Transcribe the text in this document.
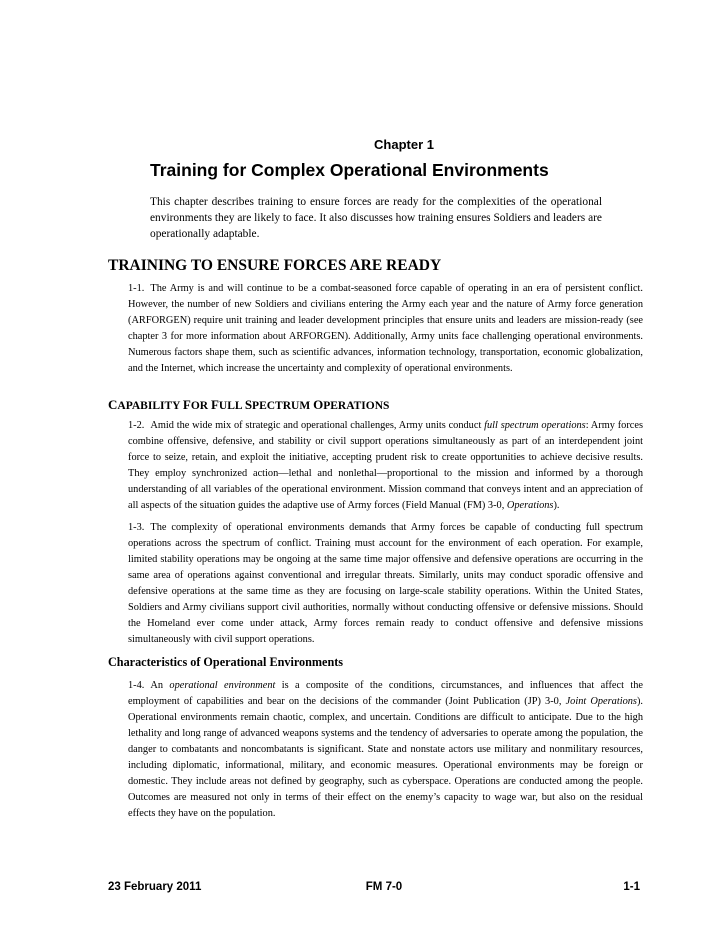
Chapter 1
Training for Complex Operational Environments
This chapter describes training to ensure forces are ready for the complexities of the operational environments they are likely to face. It also discusses how training ensures Soldiers and leaders are operationally adaptable.
TRAINING TO ENSURE FORCES ARE READY
1-1. The Army is and will continue to be a combat-seasoned force capable of operating in an era of persistent conflict. However, the number of new Soldiers and civilians entering the Army each year and the nature of Army force generation (ARFORGEN) require unit training and leader development principles that ensure units and leaders are mission-ready (see chapter 3 for more information about ARFORGEN). Additionally, Army units face challenging operational environments. Numerous factors shape them, such as scientific advances, information technology, transportation, economic globalization, and the Internet, which increase the uncertainty and complexity of operational environments.
CAPABILITY FOR FULL SPECTRUM OPERATIONS
1-2. Amid the wide mix of strategic and operational challenges, Army units conduct full spectrum operations: Army forces combine offensive, defensive, and stability or civil support operations simultaneously as part of an interdependent joint force to seize, retain, and exploit the initiative, accepting prudent risk to create opportunities to achieve decisive results. They employ synchronized action—lethal and nonlethal—proportional to the mission and informed by a thorough understanding of all variables of the operational environment. Mission command that conveys intent and an appreciation of all aspects of the situation guides the adaptive use of Army forces (Field Manual (FM) 3-0, Operations).
1-3. The complexity of operational environments demands that Army forces be capable of conducting full spectrum operations across the spectrum of conflict. Training must account for the environment of each operation. For example, limited stability operations may be ongoing at the same time major offensive and defensive operations are occurring in the same area of operations against conventional and irregular threats. Similarly, units may conduct sporadic offensive and defensive operations at the same time as they are focusing on large-scale stability operations. Within the United States, Soldiers and Army civilians support civil authorities, normally without conducting offensive or defensive missions. Should the Homeland ever come under attack, Army forces remain ready to conduct offensive and defensive missions simultaneously with civil support operations.
Characteristics of Operational Environments
1-4. An operational environment is a composite of the conditions, circumstances, and influences that affect the employment of capabilities and bear on the decisions of the commander (Joint Publication (JP) 3-0, Joint Operations). Operational environments remain chaotic, complex, and uncertain. Conditions are difficult to anticipate. Due to the high lethality and long range of advanced weapons systems and the tendency of adversaries to operate among the population, the danger to combatants and noncombatants is significant. State and nonstate actors use military and nonmilitary resources, including diplomatic, informational, military, and economic measures. Operational environments may be foreign or domestic. They include areas not defined by geography, such as cyberspace. Operations are conducted among the people. Outcomes are measured not only in terms of their effect on the enemy’s capacity to wage war, but also on the residual effects they have on the population.
23 February 2011	FM 7-0	1-1
